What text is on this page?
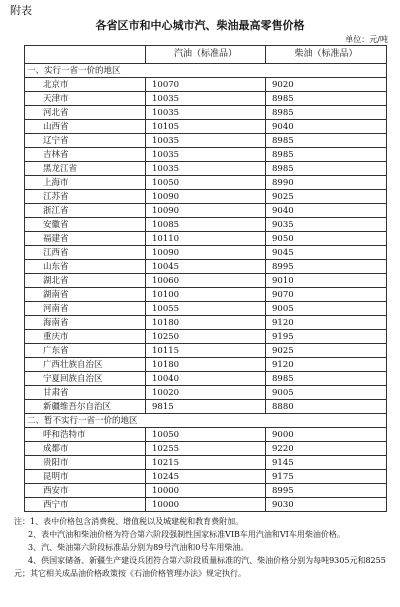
附表
各省区市和中心城市汽、柴油最高零售价格
单位：元/吨
	汽油（标准品）	柴油（标准品）
一、实行一省一价的地区		
北京市	10070	9020
天津市	10035	8985
河北省	10035	8985
山西省	10105	9040
辽宁省	10035	8985
吉林省	10035	8985
黑龙江省	10035	8985
上海市	10050	8990
江苏省	10090	9025
浙江省	10090	9040
安徽省	10085	9035
福建省	10110	9050
江西省	10090	9045
山东省	10045	8995
湖北省	10060	9010
湖南省	10100	9070
河南省	10055	9005
海南省	10180	9120
重庆市	10250	9195
广东省	10115	9025
广西壮族自治区	10180	9120
宁夏回族自治区	10040	8985
甘肃省	10020	9005
新疆维吾尔自治区	9815	8880
二、暂不实行一省一价的地区		
呼和浩特市	10050	9000
成都市	10255	9220
贵阳市	10215	9145
昆明市	10245	9175
西安市	10000	8995
西宁市	10000	9030

注：1、表中价格包含消费税、增值税以及城建税和教育费附加。

2、表中汽油和柴油价格为符合第六阶段强制性国家标准VIB车用汽油和VI车用柴油价格。

3、汽、柴油第六阶段标准品分别为89号汽油和0号车用柴油。

4、供国家储备、新疆生产建设兵团符合第六阶段质量标准的汽、柴油价格分别为每吨9305元和8255元；其它相关成品油价格政策按《石油价格管理办法》规定执行。
